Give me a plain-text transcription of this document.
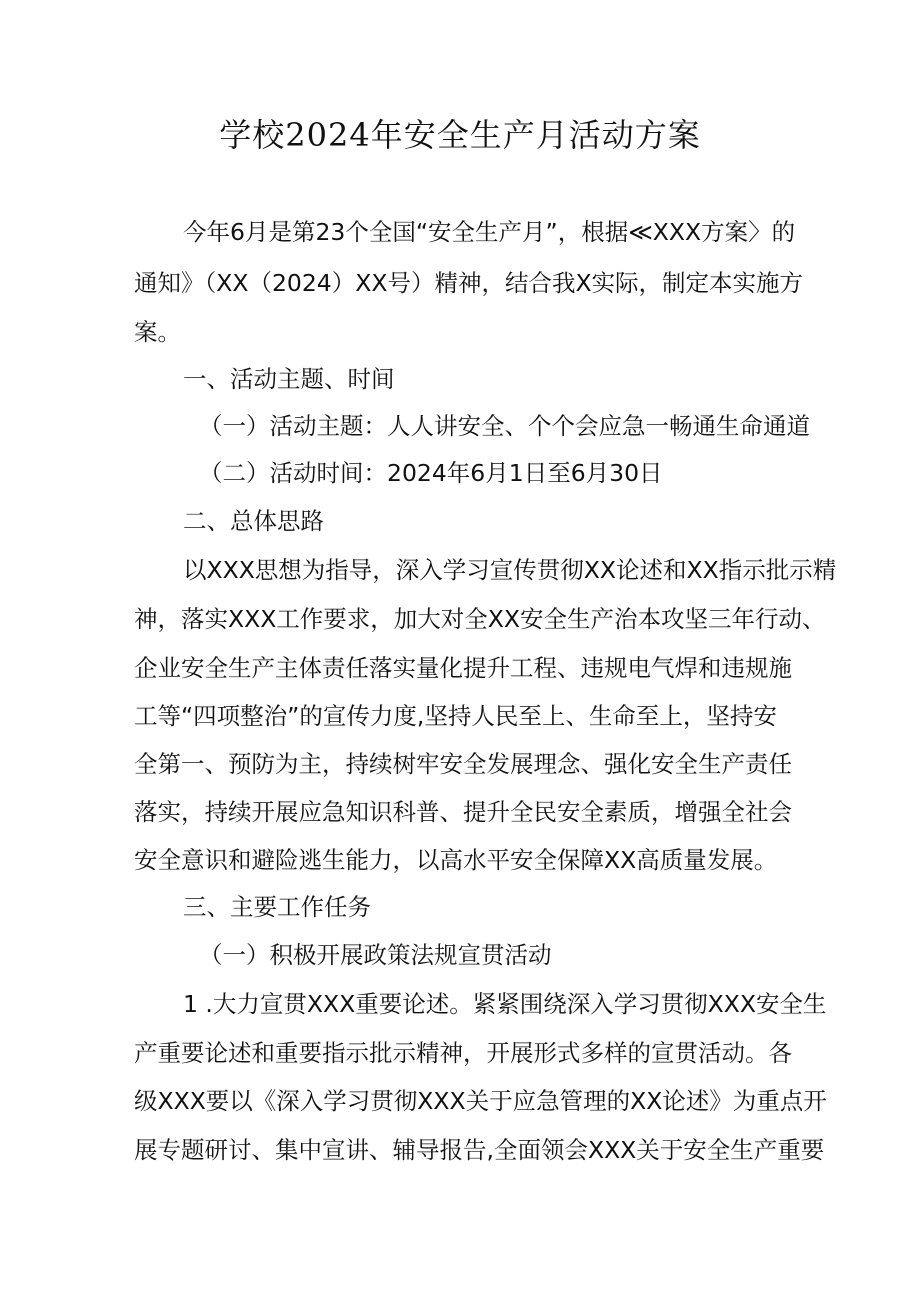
学校2024年安全生产月活动方案
今年6月是第23个全国“安全生产月”，根据≪XXX方案〉的
通知》（XX（2024）XX号）精神，结合我X实际，制定本实施方
案。
一、活动主题、时间
（一）活动主题：人人讲安全、个个会应急一畅通生命通道
（二）活动时间：2024年6月1日至6月30日
二、总体思路
以XXX思想为指导，深入学习宣传贯彻XX论述和XX指示批示精
神，落实XXX工作要求，加大对全XX安全生产治本攻坚三年行动、
企业安全生产主体责任落实量化提升工程、违规电气焊和违规施
工等“四项整治”的宣传力度,坚持人民至上、生命至上，坚持安
全第一、预防为主，持续树牢安全发展理念、强化安全生产责任
落实，持续开展应急知识科普、提升全民安全素质，增强全社会
安全意识和避险逃生能力，以高水平安全保障XX高质量发展。
三、主要工作任务
（一）积极开展政策法规宣贯活动
1 .大力宣贯XXX重要论述。紧紧围绕深入学习贯彻XXX安全生
产重要论述和重要指示批示精神，开展形式多样的宣贯活动。各
级XXX要以《深入学习贯彻XXX关于应急管理的XX论述》为重点开
展专题研讨、集中宣讲、辅导报告,全面领会XXX关于安全生产重要
